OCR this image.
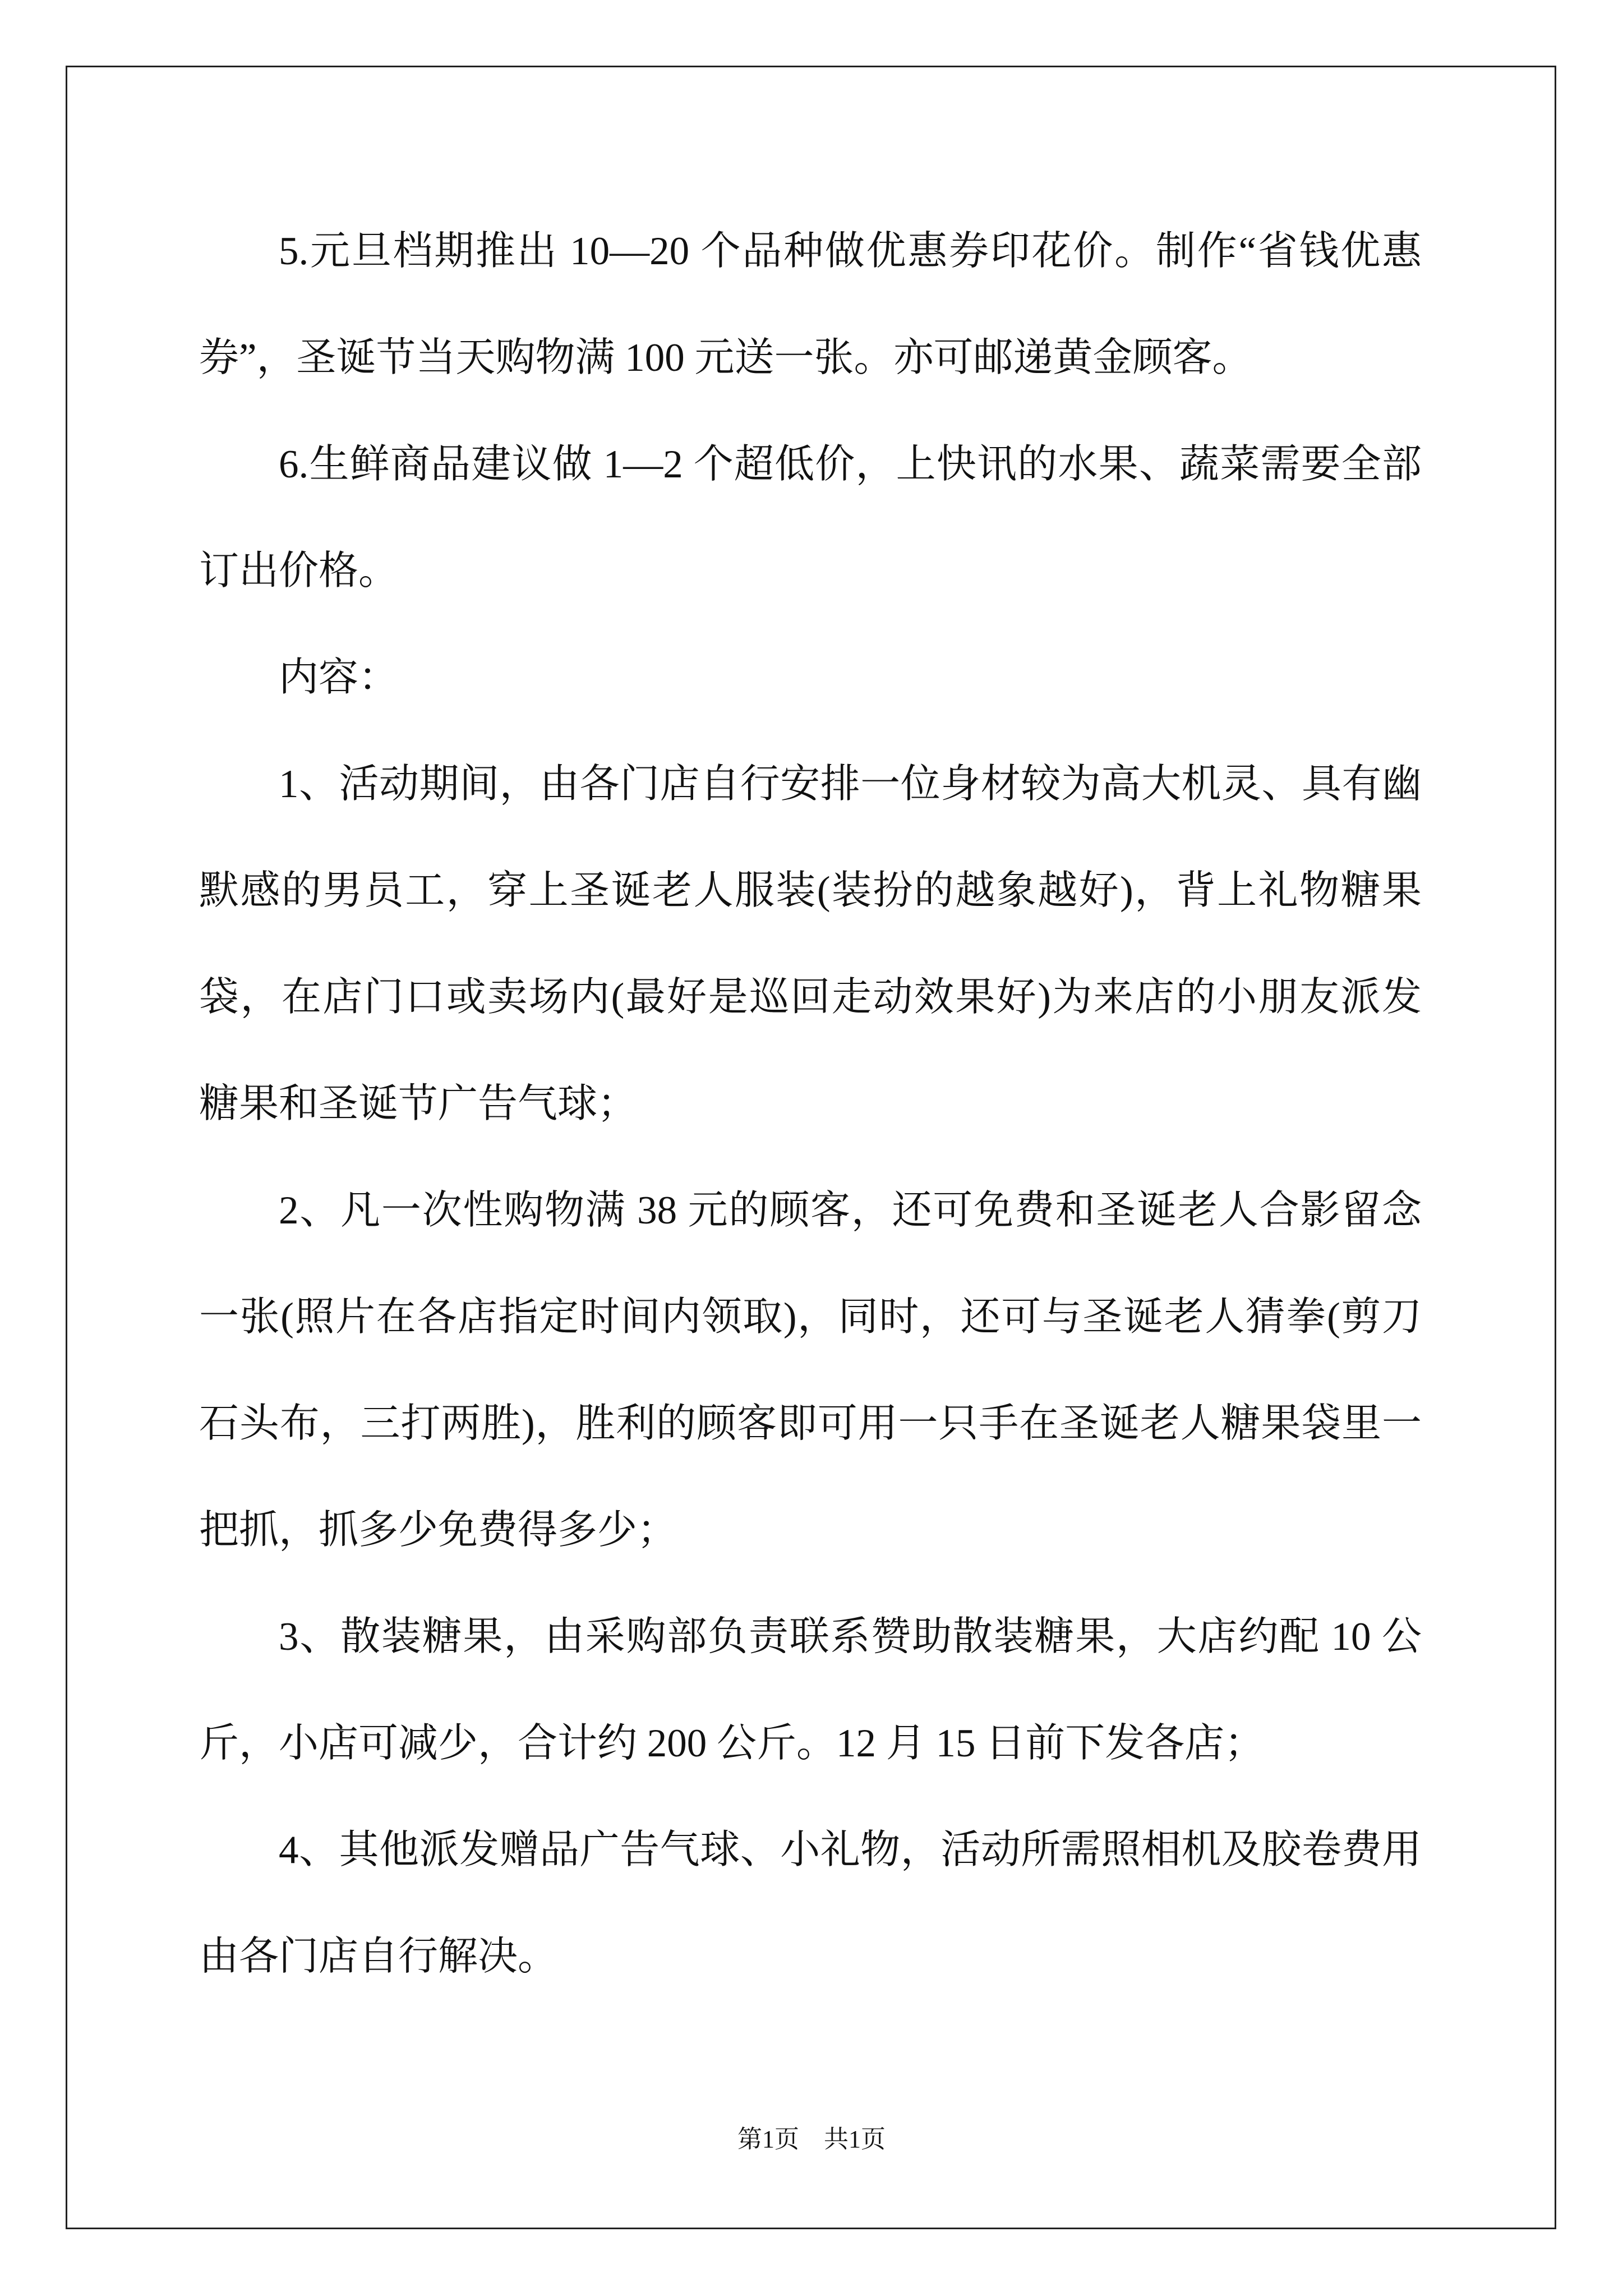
5.元旦档期推出 10—20 个品种做优惠券印花价。制作“省钱优惠
券”，圣诞节当天购物满 100 元送一张。亦可邮递黄金顾客。
6.生鲜商品建议做 1—2 个超低价，上快讯的水果、蔬菜需要全部
订出价格。
内容：
1、活动期间，由各门店自行安排一位身材较为高大机灵、具有幽
默感的男员工，穿上圣诞老人服装(装扮的越象越好)，背上礼物糖果
袋，在店门口或卖场内(最好是巡回走动效果好)为来店的小朋友派发
糖果和圣诞节广告气球；
2、凡一次性购物满 38 元的顾客，还可免费和圣诞老人合影留念
一张(照片在各店指定时间内领取)，同时，还可与圣诞老人猜拳(剪刀
石头布，三打两胜)，胜利的顾客即可用一只手在圣诞老人糖果袋里一
把抓，抓多少免费得多少；
3、散装糖果，由采购部负责联系赞助散装糖果，大店约配 10 公
斤，小店可减少，合计约 200 公斤。12 月 15 日前下发各店；
4、其他派发赠品广告气球、小礼物，活动所需照相机及胶卷费用
由各门店自行解决。
第1页　共1页
